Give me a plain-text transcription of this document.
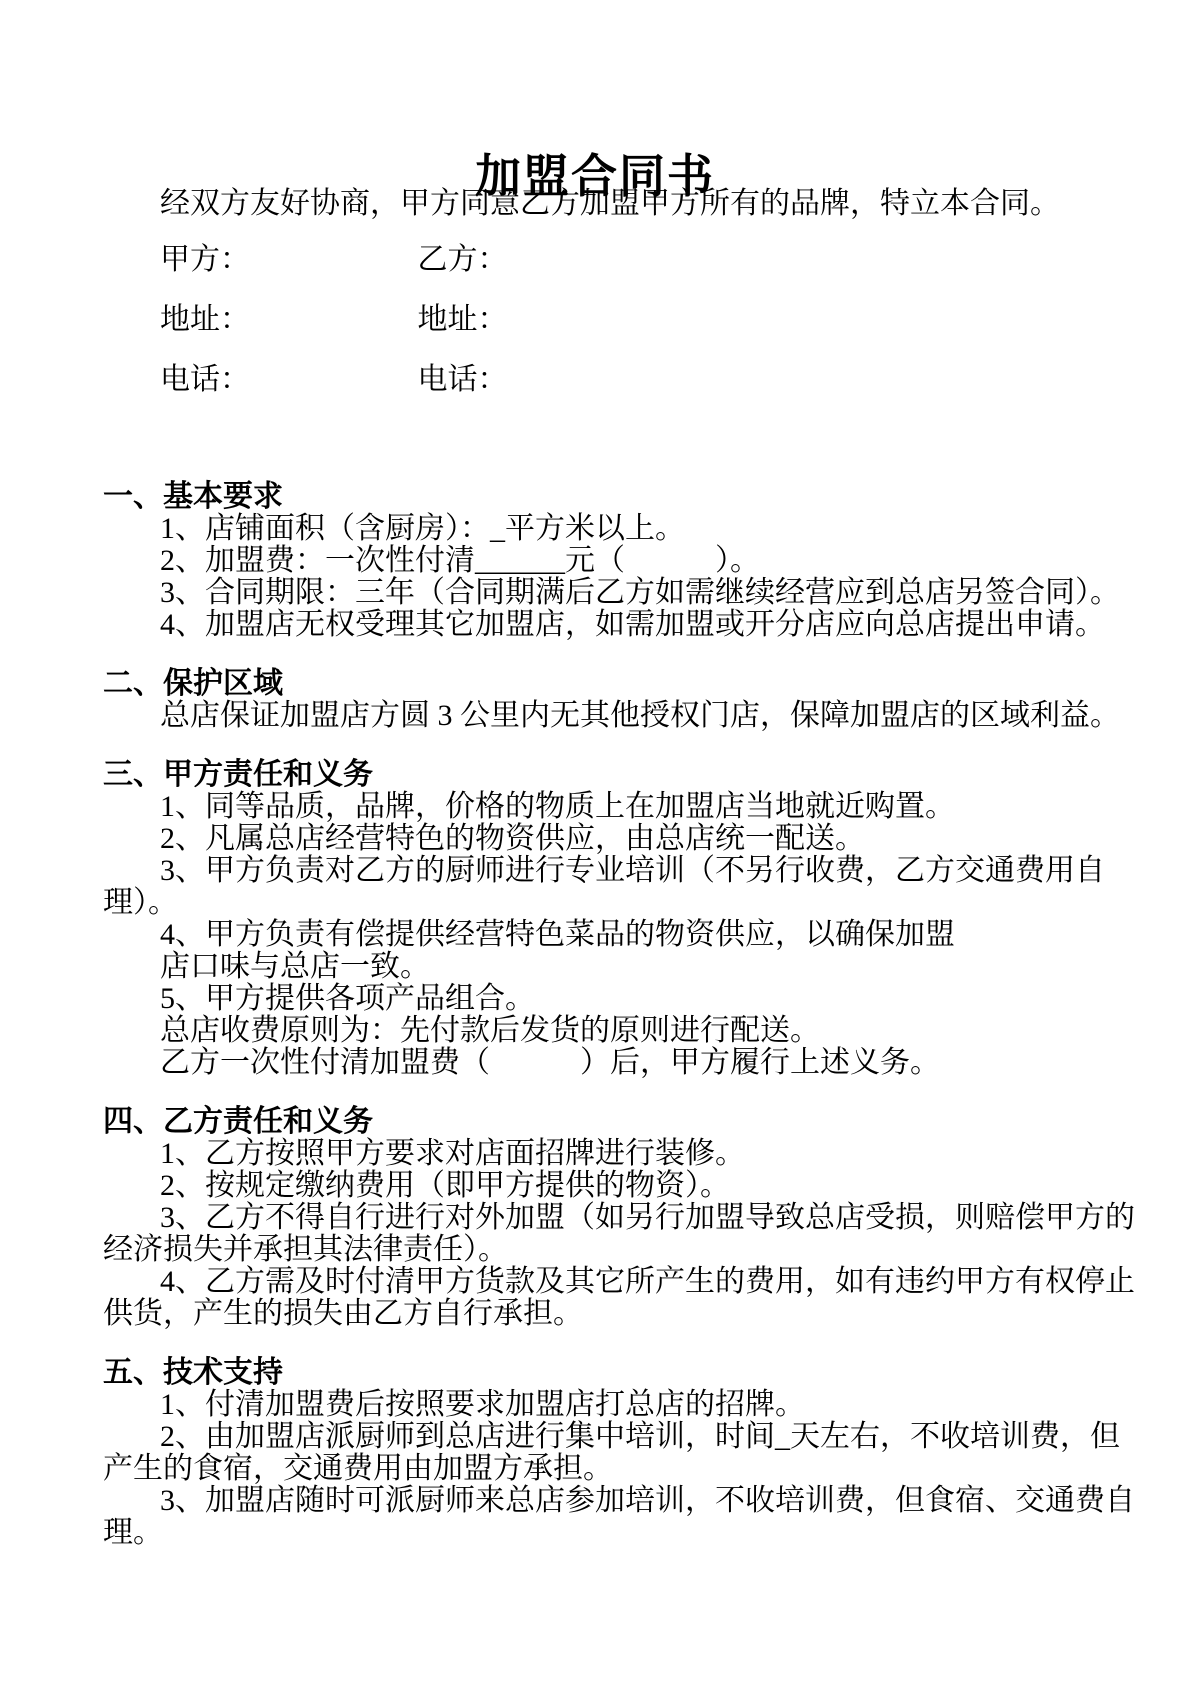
加盟合同书

经双方友好协商，甲方同意乙方加盟甲方所有的品牌，特立本合同。

甲方：	乙方：
地址：	地址：
电话：	电话：
一、基本要求
1、店铺面积（含厨房）：_平方米以上。
2、加盟费：一次性付清______元（　　　）。
3、合同期限：三年（合同期满后乙方如需继续经营应到总店另签合同）。
4、加盟店无权受理其它加盟店，如需加盟或开分店应向总店提出申请。
二、保护区域
总店保证加盟店方圆 3 公里内无其他授权门店，保障加盟店的区域利益。
三、甲方责任和义务
1、同等品质，品牌，价格的物质上在加盟店当地就近购置。
2、凡属总店经营特色的物资供应，由总店统一配送。
3、甲方负责对乙方的厨师进行专业培训（不另行收费，乙方交通费用自
理）。
4、甲方负责有偿提供经营特色菜品的物资供应，以确保加盟
店口味与总店一致。
5、甲方提供各项产品组合。
总店收费原则为：先付款后发货的原则进行配送。
乙方一次性付清加盟费（　　　）后，甲方履行上述义务。
四、乙方责任和义务
1、乙方按照甲方要求对店面招牌进行装修。
2、按规定缴纳费用（即甲方提供的物资）。
3、乙方不得自行进行对外加盟（如另行加盟导致总店受损，则赔偿甲方的
经济损失并承担其法律责任）。
4、乙方需及时付清甲方货款及其它所产生的费用，如有违约甲方有权停止
供货，产生的损失由乙方自行承担。
五、技术支持
1、付清加盟费后按照要求加盟店打总店的招牌。
2、由加盟店派厨师到总店进行集中培训，时间_天左右，不收培训费，但
产生的食宿，交通费用由加盟方承担。
3、加盟店随时可派厨师来总店参加培训，不收培训费，但食宿、交通费自
理。
